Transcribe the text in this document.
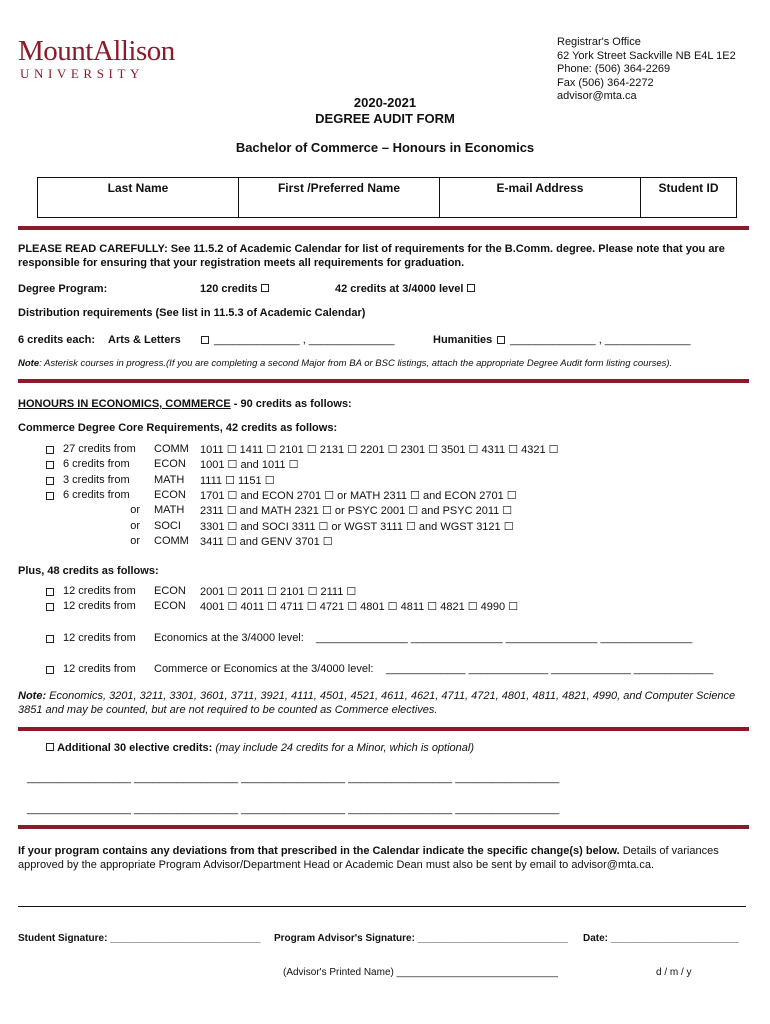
MountAllison
UNIVERSITY
Registrar's Office
62 York Street Sackville NB E4L 1E2
Phone: (506) 364-2269
Fax (506) 364-2272
advisor@mta.ca
2020-2021
DEGREE AUDIT FORM
Bachelor of Commerce – Honours in Economics
Last Name	First /Preferred Name	E-mail Address	Student ID
PLEASE READ CAREFULLY: See 11.5.2 of Academic Calendar for list of requirements for the B.Comm. degree. Please note that you are responsible for ensuring that your registration meets all requirements for graduation.
Degree Program:	120 credits	42 credits at 3/4000 level
Distribution requirements (See list in 11.5.3 of Academic Calendar)
6 credits each: Arts & Letters	______________ , ______________	Humanities ______________ , ______________
Note: Asterisk courses in progress.(If you are completing a second Major from BA or BSC listings, attach the appropriate Degree Audit form listing courses).
HONOURS IN ECONOMICS, COMMERCE - 90 credits as follows:
Commerce Degree Core Requirements, 42 credits as follows:
27 credits from COMM 1011 ☐ 1411 ☐ 2101 ☐ 2131 ☐ 2201 ☐ 2301 ☐ 3501 ☐ 4311 ☐ 4321 ☐
6 credits from ECON 1001 ☐ and 1011 ☐
3 credits from MATH 1111 ☐ 1151 ☐
6 credits from ECON 1701 ☐ and ECON 2701 ☐ or MATH 2311 ☐ and ECON 2701 ☐
or MATH 2311 ☐ and MATH 2321 ☐ or PSYC 2001 ☐ and PSYC 2011 ☐
or SOCI 3301 ☐ and SOCI 3311 ☐ or WGST 3111 ☐ and WGST 3121 ☐
or COMM 3411 ☐ and GENV 3701 ☐
Plus, 48 credits as follows:
12 credits from ECON 2001 ☐ 2011 ☐ 2101 ☐ 2111 ☐
12 credits from ECON 4001 ☐ 4011 ☐ 4711 ☐ 4721 ☐ 4801 ☐ 4811 ☐ 4821 ☐ 4990 ☐
12 credits from Economics at the 3/4000 level: _______________ _______________ _______________ _______________
12 credits from Commerce or Economics at the 3/4000 level: _____________ _____________ _____________ _____________
Note: Economics, 3201, 3211, 3301, 3601, 3711, 3921, 4111, 4501, 4521, 4611, 4621, 4711, 4721, 4801, 4811, 4821, 4990, and Computer Science 3851 and may be counted, but are not required to be counted as Commerce electives.
Additional 30 elective credits: (may include 24 credits for a Minor, which is optional)
_________________ _________________ _________________ _________________ _________________
_________________ _________________ _________________ _________________ _________________
If your program contains any deviations from that prescribed in the Calendar indicate the specific change(s) below. Details of variances approved by the appropriate Program Advisor/Department Head or Academic Dean must also be sent by email to advisor@mta.ca.
Student Signature: ___________________________ Program Advisor's Signature: ___________________________ Date: _______________________
(Advisor's Printed Name) _____________________________	d / m / y
